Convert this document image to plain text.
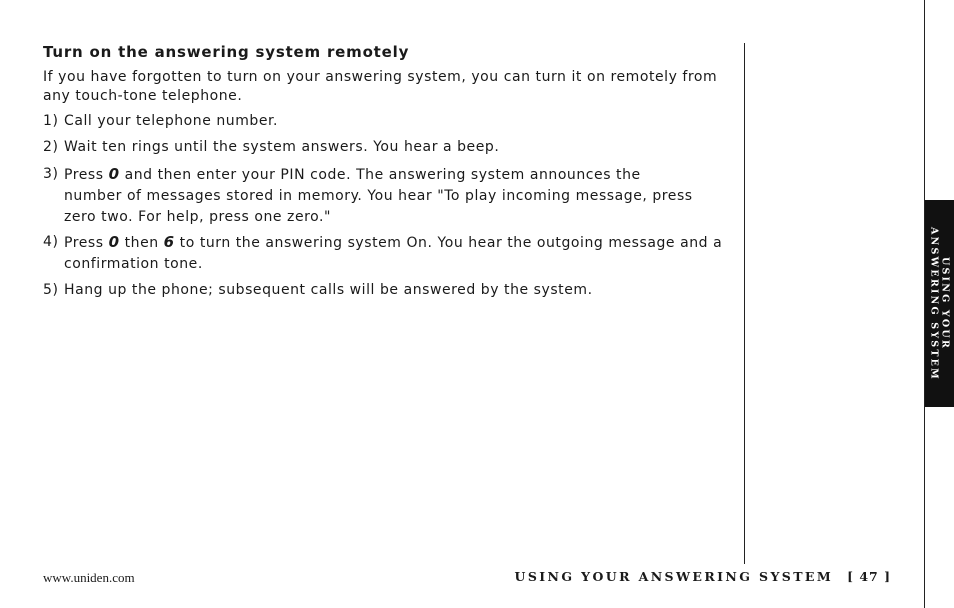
Turn on the answering system remotely
If you have forgotten to turn on your answering system, you can turn it on remotely from any touch-tone telephone.
1) Call your telephone number.
2) Wait ten rings until the system answers. You hear a beep.
3) Press 0 and then enter your PIN code. The answering system announces the number of messages stored in memory. You hear "To play incoming message, press zero two. For help, press one zero."
4) Press 0 then 6 to turn the answering system On. You hear the outgoing message and a confirmation tone.
5) Hang up the phone; subsequent calls will be answered by the system.	USING YOUR
ANSWERING SYSTEM
www.uniden.com	USING YOUR ANSWERING SYSTEM [ 47 ]
